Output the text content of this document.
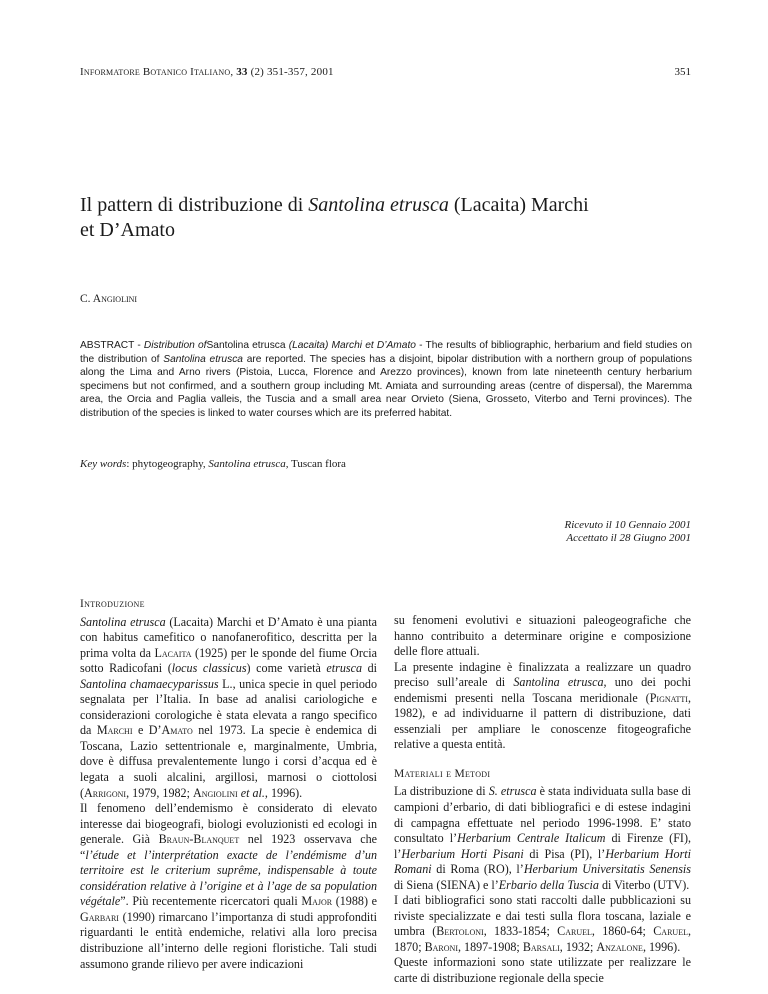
Informatore Botanico Italiano, 33 (2) 351-357, 2001	351
Il pattern di distribuzione di Santolina etrusca (Lacaita) Marchi
et D’Amato
C. Angiolini

ABSTRACT - Distribution ofSantolina etrusca (Lacaita) Marchi et D’Amato - The results of bibliographic, herbarium and field studies on the distribution of Santolina etrusca are reported. The species has a disjoint, bipolar distribution with a northern group of populations along the Lima and Arno rivers (Pistoia, Lucca, Florence and Arezzo provinces), known from late nineteenth century herbarium specimens but not confirmed, and a southern group including Mt. Amiata and surrounding areas (centre of dispersal), the Maremma area, the Orcia and Paglia valleis, the Tuscia and a small area near Orvieto (Siena, Grosseto, Viterbo and Terni provinces). The distribution of the species is linked to water courses which are its preferred habitat.

Key words: phytogeography, Santolina etrusca, Tuscan flora

Ricevuto il 10 Gennaio 2001
Accettato il 28 Giugno 2001
Introduzione

Santolina etrusca (Lacaita) Marchi et D’Amato è una pianta con habitus camefitico o nanofanerofitico, descritta per la prima volta da Lacaita (1925) per le sponde del fiume Orcia sotto Radicofani (locus classicus) come varietà etrusca di Santolina chamaecyparissus L., unica specie in quel periodo segnalata per l’Italia. In base ad analisi cariologiche e considerazioni corologiche è stata elevata a rango specifico da Marchi e D’Amato nel 1973. La specie è endemica di Toscana, Lazio settentrionale e, marginalmente, Umbria, dove è diffusa prevalentemente lungo i corsi d’acqua ed è legata a suoli alcalini, argillosi, marnosi o ciottolosi (Arrigoni, 1979, 1982; Angiolini et al., 1996).

Il fenomeno dell’endemismo è considerato di elevato interesse dai biogeografi, biologi evoluzionisti ed ecologi in generale. Già Braun-Blanquet nel 1923 osservava che “l’étude et l’interprétation exacte de l’endémisme d’un territoire est le criterium suprême, indispensable à toute considération relative à l’origine et à l’age de sa population végétale”. Più recentemente ricercatori quali Major (1988) e Garbari (1990) rimarcano l’importanza di studi approfonditi riguardanti le entità endemiche, relativi alla loro precisa distribuzione all’interno delle regioni floristiche. Tali studi assumono grande rilievo per avere indicazioni

su fenomeni evolutivi e situazioni paleogeografiche che hanno contribuito a determinare origine e composizione delle flore attuali.

La presente indagine è finalizzata a realizzare un quadro preciso sull’areale di Santolina etrusca, uno dei pochi endemismi presenti nella Toscana meridionale (Pignatti, 1982), e ad individuarne il pattern di distribuzione, dati essenziali per ampliare le conoscenze fitogeografiche relative a questa entità.

Materiali e Metodi

La distribuzione di S. etrusca è stata individuata sulla base di campioni d’erbario, di dati bibliografici e di estese indagini di campagna effettuate nel periodo 1996-1998. E’ stato consultato l’Herbarium Centrale Italicum di Firenze (FI), l’Herbarium Horti Pisani di Pisa (PI), l’Herbarium Horti Romani di Roma (RO), l’Herbarium Universitatis Senensis di Siena (SIENA) e l’Erbario della Tuscia di Viterbo (UTV).

I dati bibliografici sono stati raccolti dalle pubblicazioni su riviste specializzate e dai testi sulla flora toscana, laziale e umbra (Bertoloni, 1833-1854; Caruel, 1860-64; Caruel, 1870; Baroni, 1897-1908; Barsali, 1932; Anzalone, 1996).

Queste informazioni sono state utilizzate per realizzare le carte di distribuzione regionale della specie
